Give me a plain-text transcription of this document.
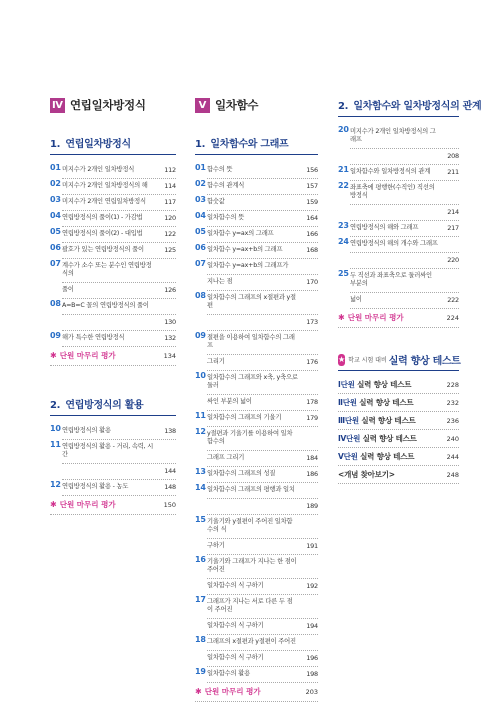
Ⅳ 연립일차방정식
1. 연립일차방정식
01 미지수가 2개인 일차방정식	112
02 미지수가 2개인 일차방정식의 해	114
03 미지수가 2개인 연립일차방정식	117
04 연립방정식의 풀이(1) - 가감법	120
05 연립방정식의 풀이(2) - 대입법	122
06 괄호가 있는 연립방정식의 풀이	125
07 계수가 소수 또는 분수인 연립방정식의
풀이	126
08 A=B=C 꼴의 연립방정식의 풀이
130
09 해가 특수한 연립방정식	132
✱ 단원 마무리 평가	134
2. 연립방정식의 활용
10 연립방정식의 활용	138
11 연립방정식의 활용 - 거리, 속력, 시간
144
12 연립방정식의 활용 - 농도	148
✱ 단원 마무리 평가	150
Ⅴ 일차함수
1. 일차함수와 그래프
01 함수의 뜻	156
02 함수의 관계식	157
03 함숫값	159
04 일차함수의 뜻	164
05 일차함수 y=ax의 그래프	166
06 일차함수 y=ax+b의 그래프	168
07 일차함수 y=ax+b의 그래프가
지나는 점	170
08 일차함수의 그래프의 x절편과 y절편
173
09 절편을 이용하여 일차함수의 그래프
그리기	176
10 일차함수의 그래프와 x축, y축으로 둘러
싸인 부분의 넓이	178
11 일차함수의 그래프의 기울기	179
12 y절편과 기울기를 이용하여 일차함수의
그래프 그리기	184
13 일차함수의 그래프의 성질	186
14 일차함수의 그래프의 평행과 일치
189
15 기울기와 y절편이 주어진 일차함수의 식
구하기	191
16 기울기와 그래프가 지나는 한 점이 주어진
일차함수의 식 구하기	192
17 그래프가 지나는 서로 다른 두 점이 주어진
일차함수의 식 구하기	194
18 그래프의 x절편과 y절편이 주어진
일차함수의 식 구하기	196
19 일차함수의 활용	198
✱ 단원 마무리 평가	203
2. 일차함수와 일차방정식의 관계
20 미지수가 2개인 일차방정식의 그래프
208
21 일차함수와 일차방정식의 관계	211
22 좌표축에 평행한(수직인) 직선의 방정식
214
23 연립방정식의 해와 그래프	217
24 연립방정식의 해의 개수와 그래프
220
25 두 직선과 좌표축으로 둘러싸인 부분의
넓이	222
✱ 단원 마무리 평가	224
★ 학교 시험 대비 실력 향상 테스트
Ⅰ단원 실력 향상 테스트	228
Ⅱ단원 실력 향상 테스트	232
Ⅲ단원 실력 향상 테스트	236
Ⅳ단원 실력 향상 테스트	240
Ⅴ단원 실력 향상 테스트	244
<개념 찾아보기>	248
